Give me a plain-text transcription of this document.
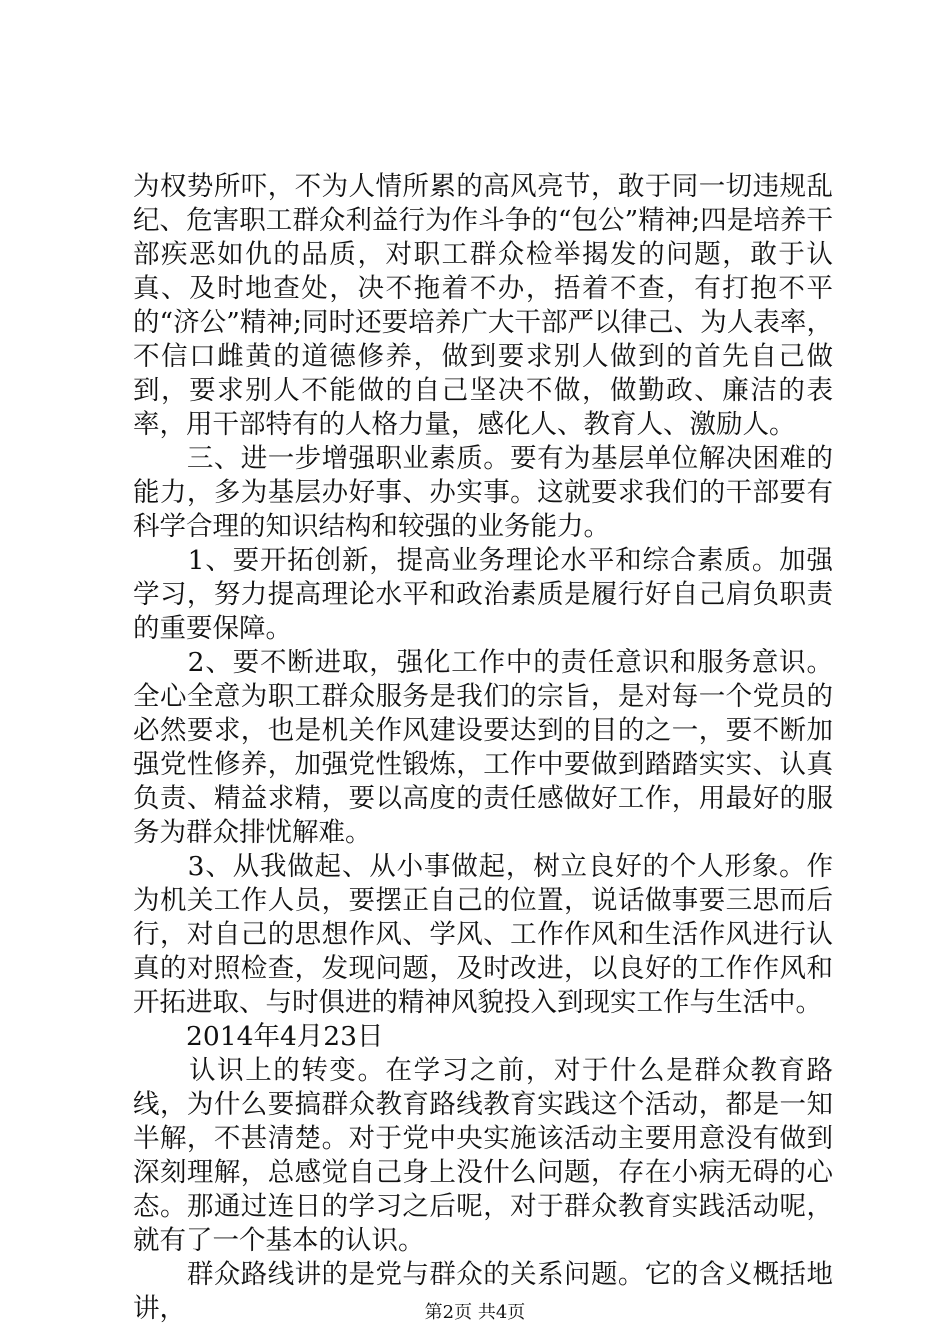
为权势所吓，不为人情所累的高风亮节，敢于同一切违规乱纪、危害职工群众利益行为作斗争的“包公”精神;四是培养干部疾恶如仇的品质，对职工群众检举揭发的问题，敢于认真、及时地查处，决不拖着不办，捂着不查，有打抱不平的“济公”精神;同时还要培养广大干部严以律己、为人表率，不信口雌黄的道德修养，做到要求别人做到的首先自己做到，要求别人不能做的自己坚决不做，做勤政、廉洁的表率，用干部特有的人格力量，感化人、教育人、激励人。

　　三、进一步增强职业素质。要有为基层单位解决困难的能力，多为基层办好事、办实事。这就要求我们的干部要有科学合理的知识结构和较强的业务能力。

　　1、要开拓创新，提高业务理论水平和综合素质。加强学习，努力提高理论水平和政治素质是履行好自己肩负职责的重要保障。

　　2、要不断进取，强化工作中的责任意识和服务意识。全心全意为职工群众服务是我们的宗旨，是对每一个党员的必然要求，也是机关作风建设要达到的目的之一，要不断加强党性修养，加强党性锻炼，工作中要做到踏踏实实、认真负责、精益求精，要以高度的责任感做好工作，用最好的服务为群众排忧解难。

　　3、从我做起、从小事做起，树立良好的个人形象。作为机关工作人员，要摆正自己的位置，说话做事要三思而后行，对自己的思想作风、学风、工作作风和生活作风进行认真的对照检查，发现问题，及时改进，以良好的工作作风和开拓进取、与时俱进的精神风貌投入到现实工作与生活中。

　　2014年4月23日

　　认识上的转变。在学习之前，对于什么是群众教育路线，为什么要搞群众教育路线教育实践这个活动，都是一知半解，不甚清楚。对于党中央实施该活动主要用意没有做到深刻理解，总感觉自己身上没什么问题，存在小病无碍的心态。那通过连日的学习之后呢，对于群众教育实践活动呢，就有了一个基本的认识。

　　群众路线讲的是党与群众的关系问题。它的含义概括地讲，	第2页 共4页
